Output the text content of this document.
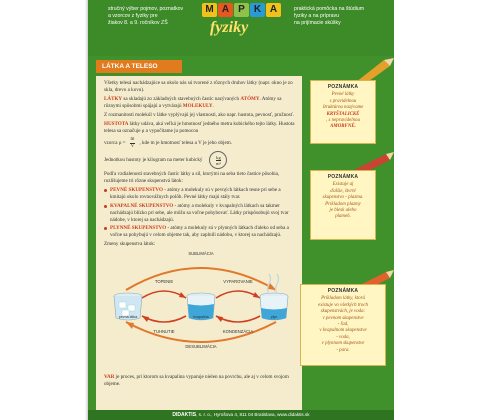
stručný výber pojmov, poznatkov
a vzorcov z fyziky pre
žiakov 8. a 9. ročníkov ZŠ
M A P K A
fyziky
praktická pomôcka na štúdium
fyziky a na prípravu
na prijímacie skúšky
LÁTKA A TELESO

Všetky telesá nachádzajúce sa okolo nás sú tvorené z rôznych druhov látky (napr. okno je zo skla, drevo a kovu).

LÁTKY sa skladajú zo základných stavebných častíc nazývaných ATÓMY. Atómy sa rôznymi spôsobmi spájajú a vytvárajú MOLEKULY.

Z rozmanitosti molekúl v látke vyplývajú jej vlastnosti, ako napr. hustota, pevnosť, pružnosť.

HUSTOTA látky udáva, aká veľká je hmotnosť jedného metra kubického tejto látky. Hustota telesa sa označuje ρ a vypočítame ju pomocou

vzorca $\rho = \frac{m}{V}$ , kde m je hmotnosť telesa a V je jeho objem.
Jednotkou hustoty je kilogram na meter kubický $\frac{kg}{\text{m³}}$

Podľa vzdialeností stavebných častíc látky a síl, ktorými na seba tieto častice pôsobia, rozlišujeme tri rôzne skupenstvá látok:

PEVNÉ SKUPENSTVO - atómy a molekuly sú v pevných látkach tesne pri sebe a kmitajú okolo rovnovážnych polôh. Pevné látky majú stály tvar.
KVAPALNÉ SKUPENSTVO - atómy a molekuly v kvapalných látkach sa takmer nachádzajú blízko pri sebe, ale môžu sa voľne pohybovať. Látky prispôsobujú svoj tvar nádobe, v ktorej sa nachádzajú.
PLYNNÉ SKUPENSTVO - atómy a molekuly sú v plynných látkach ďaleko od seba a voľne sa pohybujú v celom objeme tak, aby zaplnili nádobu, v ktorej sa nachádzajú.

Zmeny skupenstva látok:

SUBLIMÁCIA
TOPENIE	VYPAROVANIE
TUHNUTIE	KONDENZÁCIA
DESUBLIMÁCIA
pevná látka	kvapalina	plyn

VAR je proces, pri ktorom sa kvapalina vyparuje nielen na povrchu, ale aj v celom svojom objeme.

POZNÁMKA
Pevné látky
s pravidelnou
štruktúrou nazývame
KRYŠTALICKÉ
, s nepravidelnou
AMORFNÉ.
POZNÁMKA
Existuje aj
ďalšie, štvrté
skupenstvo - plazma.
Príkladom plazmy
je blesk alebo
plameň.
POZNÁMKA
Príkladom látky, ktorá
existuje vo všetkých troch
skupenstvách, je voda:
v pevnom skupenstve
- ľad,
v kvapalnom skupenstve
- voda,
v plynnom skupenstve
- para.
DIDAKTIS, s. r. o., Hyrošova 4, 811 04 Bratislava, www.didaktis.sk
